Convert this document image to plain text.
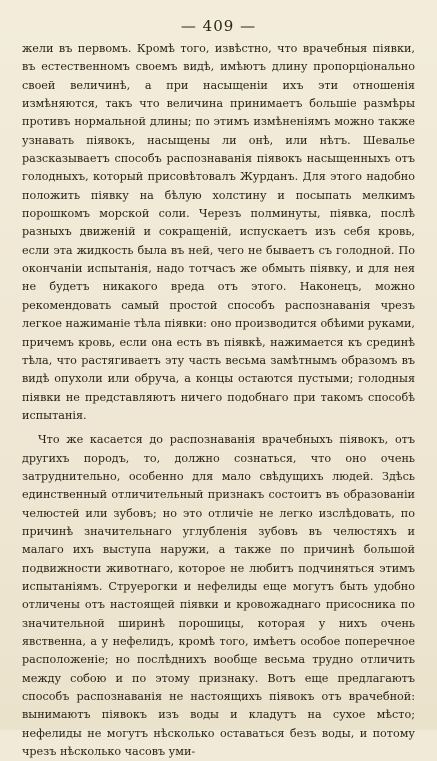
— 409 —

жели въ первомъ. Кромѣ того, извѣстно, что врачебныя піявки, въ естественномъ своемъ видѣ, имѣютъ длину пропорціонально своей величинѣ, а при насыщеніи ихъ эти отношенія измѣняются, такъ что величина принимаетъ большіе размѣры противъ нормальной длины; по этимъ измѣненіямъ можно также узнавать піявокъ, насыщены ли онѣ, или нѣтъ. Шевалье разсказываетъ способъ распознаванія піявокъ насыщенныхъ отъ голодныхъ, который присовѣтовалъ Журданъ. Для этого надобно положить піявку на бѣлую холстину и посыпать мелкимъ порошкомъ морской соли. Черезъ полминуты, піявка, послѣ разныхъ движеній и сокращеній, испускаетъ изъ себя кровь, если эта жидкость была въ ней, чего не бываетъ съ голодной. По окончаніи испытанія, надо тотчасъ же обмыть піявку, и для нея не будетъ никакого вреда отъ этого. Наконецъ, можно рекомендовать самый простой способъ распознаванія чрезъ легкое нажиманіе тѣла піявки: оно производится обѣими руками, причемъ кровь, если она есть въ піявкѣ, нажимается къ срединѣ тѣла, что растягиваетъ эту часть весьма замѣтнымъ образомъ въ видѣ опухоли или обруча, а концы остаются пустыми; голодныя піявки не представляютъ ничего подобнаго при такомъ способѣ испытанія.

Что же касается до распознаванія врачебныхъ піявокъ, отъ другихъ породъ, то, должно сознаться, что оно очень затруднительно, особенно для мало свѣдущихъ людей. Здѣсь единственный отличительный признакъ состоитъ въ образованіи челюстей или зубовъ; но это отличіе не легко изслѣдовать, по причинѣ значительнаго углубленія зубовъ въ челюстяхъ и малаго ихъ выступа наружи, а также по причинѣ большой подвижности животнаго, которое не любитъ подчиняться этимъ испытаніямъ. Струерогки и нефелиды еще могутъ быть удобно отличены отъ настоящей піявки и кровожаднаго присосника по значительной ширинѣ порошицы, которая у нихъ очень явственна, а у нефелидъ, кромѣ того, имѣетъ особое поперечное расположеніе; но послѣднихъ вообще весьма трудно отличить между собою и по этому признаку. Вотъ еще предлагаютъ способъ распознаванія не настоящихъ піявокъ отъ врачебной: вынимаютъ піявокъ изъ воды и кладутъ на сухое мѣсто; нефелиды не могутъ нѣсколько оставаться безъ воды, и потому чрезъ нѣсколько часовъ уми-
